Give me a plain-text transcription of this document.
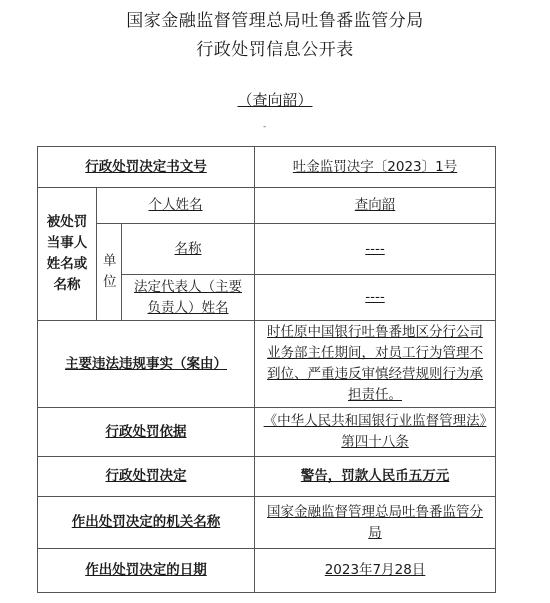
国家金融监督管理总局吐鲁番监管分局
行政处罚信息公开表
（查向韶）
-
行政处罚决定书文号			吐金监罚决字〔2023〕1号
被处罚当事人姓名或名称	个人姓名		查向韶
	单位	名称	----
		法定代表人（主要负责人）姓名	----
主要违法违规事实（案由）			时任原中国银行吐鲁番地区分行公司业务部主任期间，对员工行为管理不到位、严重违反审慎经营规则行为承担责任。
行政处罚依据			《中华人民共和国银行业监督管理法》第四十八条
行政处罚决定			警告，罚款人民币五万元
作出处罚决定的机关名称			国家金融监督管理总局吐鲁番监管分局
作出处罚决定的日期			2023年7月28日
